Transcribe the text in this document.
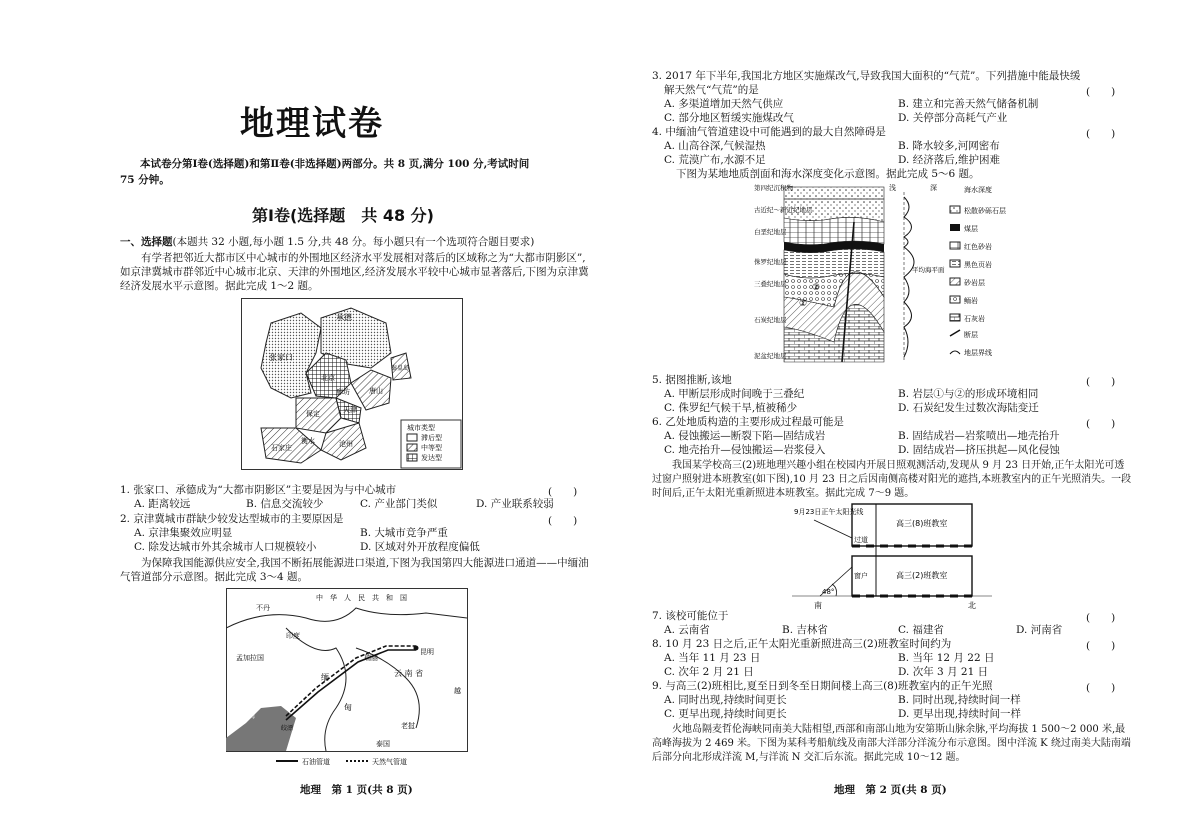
地理试卷
本试卷分第Ⅰ卷(选择题)和第Ⅱ卷(非选择题)两部分。共 8 页,满分 100 分,考试时间
75 分钟。
第Ⅰ卷(选择题　共 48 分)
一、选择题(本题共 32 小题,每小题 1.5 分,共 48 分。每小题只有一个选项符合题目要求)
有学者把邻近大都市区中心城市的外围地区经济水平发展相对落后的区域称之为“大都市阴影区”,如京津冀城市群邻近中心城市北京、天津的外围地区,经济发展水平较中心城市显著落后,下图为京津冀经济发展水平示意图。据此完成 1～2 题。
承德
张家口
北京
廊坊
天津
唐山
秦皇岛
保定
沧州
石家庄
衡水
城市类型
滞后型
中等型
发达型
1. 张家口、承德成为“大都市阴影区”主要是因为与中心城市	(　　)
A. 距离较远	B. 信息交流较少	C. 产业部门类似	D. 产业联系较弱
2. 京津冀城市群缺少较发达型城市的主要原因是	(　　)
A. 京津集聚效应明显	B. 大城市竞争严重
C. 除发达城市外其余城市人口规模较小	D. 区域对外开放程度偏低
为保障我国能源供应安全,我国不断拓展能源进口渠道,下图为我国第四大能源进口通道——中缅油气管道部分示意图。据此完成 3～4 题。
中　华　人　民　共　和　国
不丹
印度
孟加拉国
缅
甸
瑞丽
云 南 省
昆明
越
老挝
泰国
孟加拉湾
皎漂
石油管道	天然气管道
地理　第 1 页(共 8 页)
3. 2017 年下半年,我国北方地区实施煤改气,导致我国大面积的“气荒”。下列措施中能最快缓
解天然气“气荒”的是	(　　)
A. 多渠道增加天然气供应	B. 建立和完善天然气储备机制
C. 部分地区暂缓实施煤改气	D. 关停部分高耗气产业
4. 中缅油气管道建设中可能遇到的最大自然障碍是	(　　)
A. 山高谷深,气候湿热	B. 降水较多,河网密布
C. 荒漠广布,水源不足	D. 经济落后,维护困难
下图为某地地质剖面和海水深度变化示意图。据此完成 5～6 题。
①
②
第四纪沉积物
古近纪～新近纪地层
白垩纪地层
侏罗纪地层
三叠纪地层
石炭纪地层
泥盆纪地层
浅	深
平均海平面
海水深度
松散砂砾石层
煤层
红色砂岩
黑色页岩
砂岩层
鲕岩
石灰岩
断层
地层界线
5. 据图推断,该地	(　　)
A. 甲断层形成时间晚于三叠纪	B. 岩层①与②的形成环境相同
C. 侏罗纪气候干旱,植被稀少	D. 石炭纪发生过数次海陆变迁
6. 乙处地质构造的主要形成过程最可能是	(　　)
A. 侵蚀搬运—断裂下陷—固结成岩	B. 固结成岩—岩浆喷出—地壳抬升
C. 地壳抬升—侵蚀搬运—岩浆侵入	D. 固结成岩—挤压拱起—风化侵蚀
我国某学校高三(2)班地理兴趣小组在校园内开展日照观测活动,发现从 9 月 23 日开始,正午太阳光可透过窗户照射进本班教室(如下图),10 月 23 日之后因南侧高楼对阳光的遮挡,本班教室内的正午光照消失。一段时间后,正午太阳光重新照进本班教室。据此完成 7～9 题。
9月23日正午太阳光线
过道
窗户
48°
高三(8)班教室
高三(2)班教室
南	北
7. 该校可能位于	(　　)
A. 云南省	B. 吉林省	C. 福建省	D. 河南省
8. 10 月 23 日之后,正午太阳光重新照进高三(2)班教室时间约为	(　　)
A. 当年 11 月 23 日	B. 当年 12 月 22 日
C. 次年 2 月 21 日	D. 次年 3 月 21 日
9. 与高三(2)班相比,夏至日到冬至日期间楼上高三(8)班教室内的正午光照	(　　)
A. 同时出现,持续时间更长	B. 同时出现,持续时间一样
C. 更早出现,持续时间更长	D. 更早出现,持续时间一样
火地岛隔麦哲伦海峡同南美大陆相望,西部和南部山地为安第斯山脉余脉,平均海拔 1 500～2 000 米,最高峰海拔为 2 469 米。下图为某科考船航线及南部大洋部分洋流分布示意图。图中洋流 K 绕过南美大陆南端后部分向北形成洋流 M,与洋流 N 交汇后东流。据此完成 10～12 题。
地理　第 2 页(共 8 页)
